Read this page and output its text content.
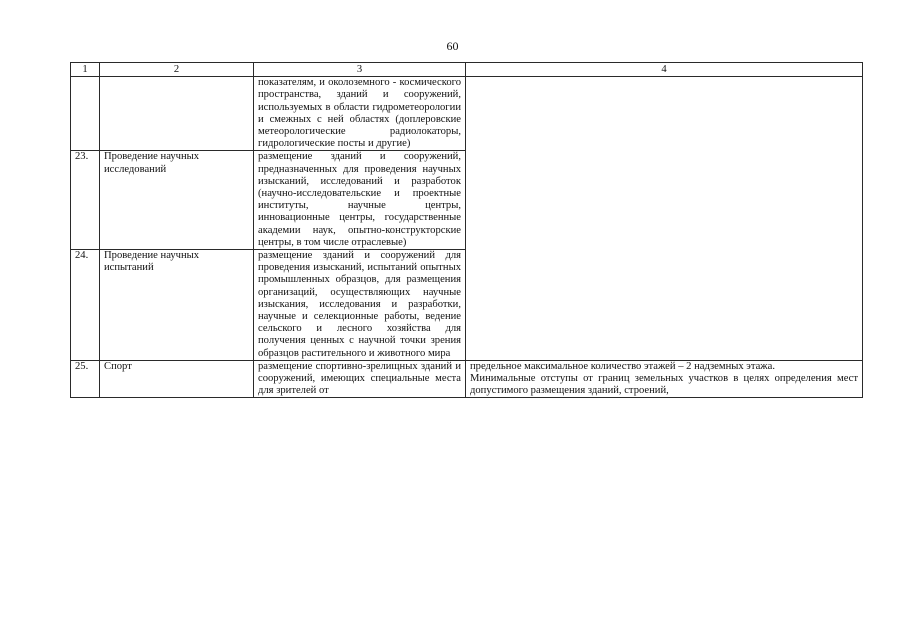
60
1	2	3	4
		показателям, и околоземного - космического пространства, зданий и сооружений, используемых в области гидрометеорологии и смежных с ней областях (доплеровские метеорологические радиолокаторы, гидрологические посты и другие)	
23.	Проведение научных исследований	размещение зданий и сооружений, предназначенных для проведения научных изысканий, исследований и разработок (научно-исследовательские и проектные институты, научные центры, инновационные центры, государственные академии наук, опытно-конструкторские центры, в том числе отраслевые)	
24.	Проведение научных испытаний	размещение зданий и сооружений для проведения изысканий, испытаний опытных промышленных образцов, для размещения организаций, осуществляющих научные изыскания, исследования и разработки, научные и селекционные работы, ведение сельского и лесного хозяйства для получения ценных с научной точки зрения образцов растительного и животного мира	
25.	Спорт	размещение спортивно-зрелищных зданий и сооружений, имеющих специальные места для зрителей от	предельное максимальное количество этажей – 2 надземных этажа.

Минимальные отступы от границ земельных участков в целях определения мест допустимого размещения зданий, строений,
